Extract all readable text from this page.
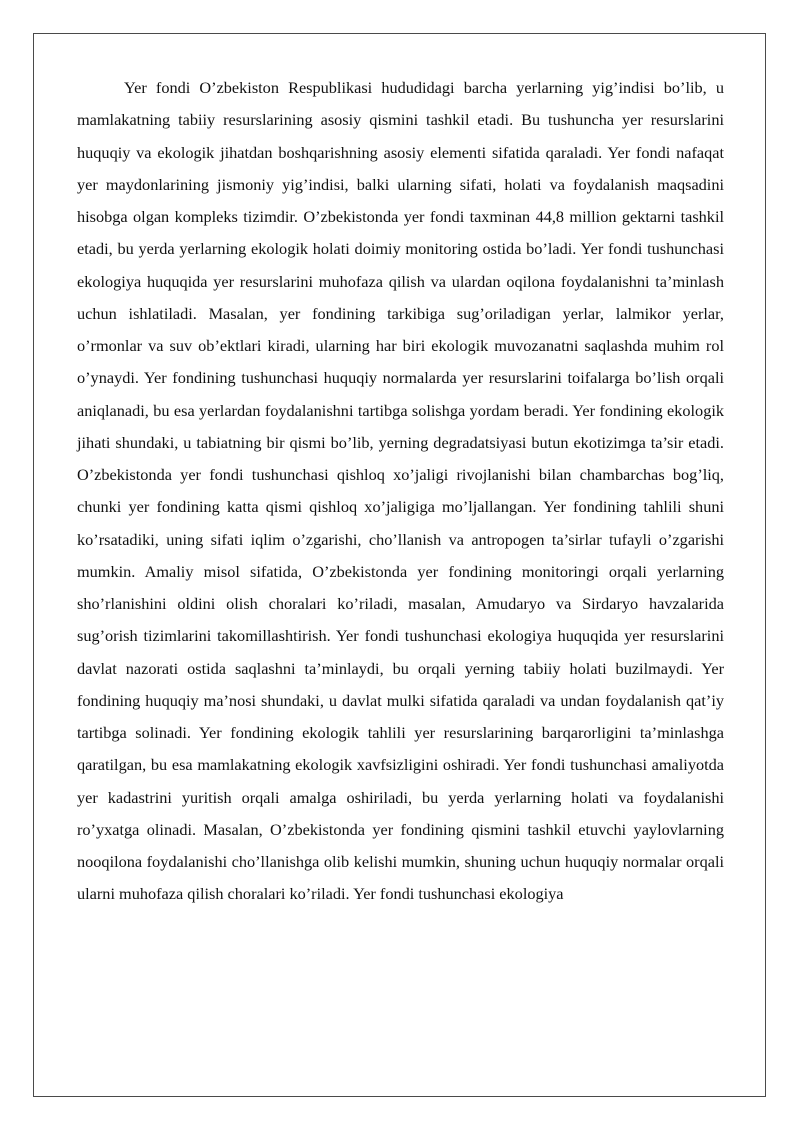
Yer fondi O’zbekiston Respublikasi hududidagi barcha yerlarning yig’indisi bo’lib, u mamlakatning tabiiy resurslarining asosiy qismini tashkil etadi. Bu tushuncha yer resurslarini huquqiy va ekologik jihatdan boshqarishning asosiy elementi sifatida qaraladi. Yer fondi nafaqat yer maydonlarining jismoniy yig’indisi, balki ularning sifati, holati va foydalanish maqsadini hisobga olgan kompleks tizimdir. O’zbekistonda yer fondi taxminan 44,8 million gektarni tashkil etadi, bu yerda yerlarning ekologik holati doimiy monitoring ostida bo’ladi. Yer fondi tushunchasi ekologiya huquqida yer resurslarini muhofaza qilish va ulardan oqilona foydalanishni ta’minlash uchun ishlatiladi. Masalan, yer fondining tarkibiga sug’oriladigan yerlar, lalmikor yerlar, o’rmonlar va suv ob’ektlari kiradi, ularning har biri ekologik muvozanatni saqlashda muhim rol o’ynaydi. Yer fondining tushunchasi huquqiy normalarda yer resurslarini toifalarga bo’lish orqali aniqlanadi, bu esa yerlardan foydalanishni tartibga solishga yordam beradi. Yer fondining ekologik jihati shundaki, u tabiatning bir qismi bo’lib, yerning degradatsiyasi butun ekotizimga ta’sir etadi. O’zbekistonda yer fondi tushunchasi qishloq xo’jaligi rivojlanishi bilan chambarchas bog’liq, chunki yer fondining katta qismi qishloq xo’jaligiga mo’ljallangan. Yer fondining tahlili shuni ko’rsatadiki, uning sifati iqlim o’zgarishi, cho’llanish va antropogen ta’sirlar tufayli o’zgarishi mumkin. Amaliy misol sifatida, O’zbekistonda yer fondining monitoringi orqali yerlarning sho’rlanishini oldini olish choralari ko’riladi, masalan, Amudaryo va Sirdaryo havzalarida sug’orish tizimlarini takomillashtirish. Yer fondi tushunchasi ekologiya huquqida yer resurslarini davlat nazorati ostida saqlashni ta’minlaydi, bu orqali yerning tabiiy holati buzilmaydi. Yer fondining huquqiy ma’nosi shundaki, u davlat mulki sifatida qaraladi va undan foydalanish qat’iy tartibga solinadi. Yer fondining ekologik tahlili yer resurslarining barqarorligini ta’minlashga qaratilgan, bu esa mamlakatning ekologik xavfsizligini oshiradi. Yer fondi tushunchasi amaliyotda yer kadastrini yuritish orqali amalga oshiriladi, bu yerda yerlarning holati va foydalanishi ro’yxatga olinadi. Masalan, O’zbekistonda yer fondining qismini tashkil etuvchi yaylovlarning nooqilona foydalanishi cho’llanishga olib kelishi mumkin, shuning uchun huquqiy normalar orqali ularni muhofaza qilish choralari ko’riladi. Yer fondi tushunchasi ekologiya
